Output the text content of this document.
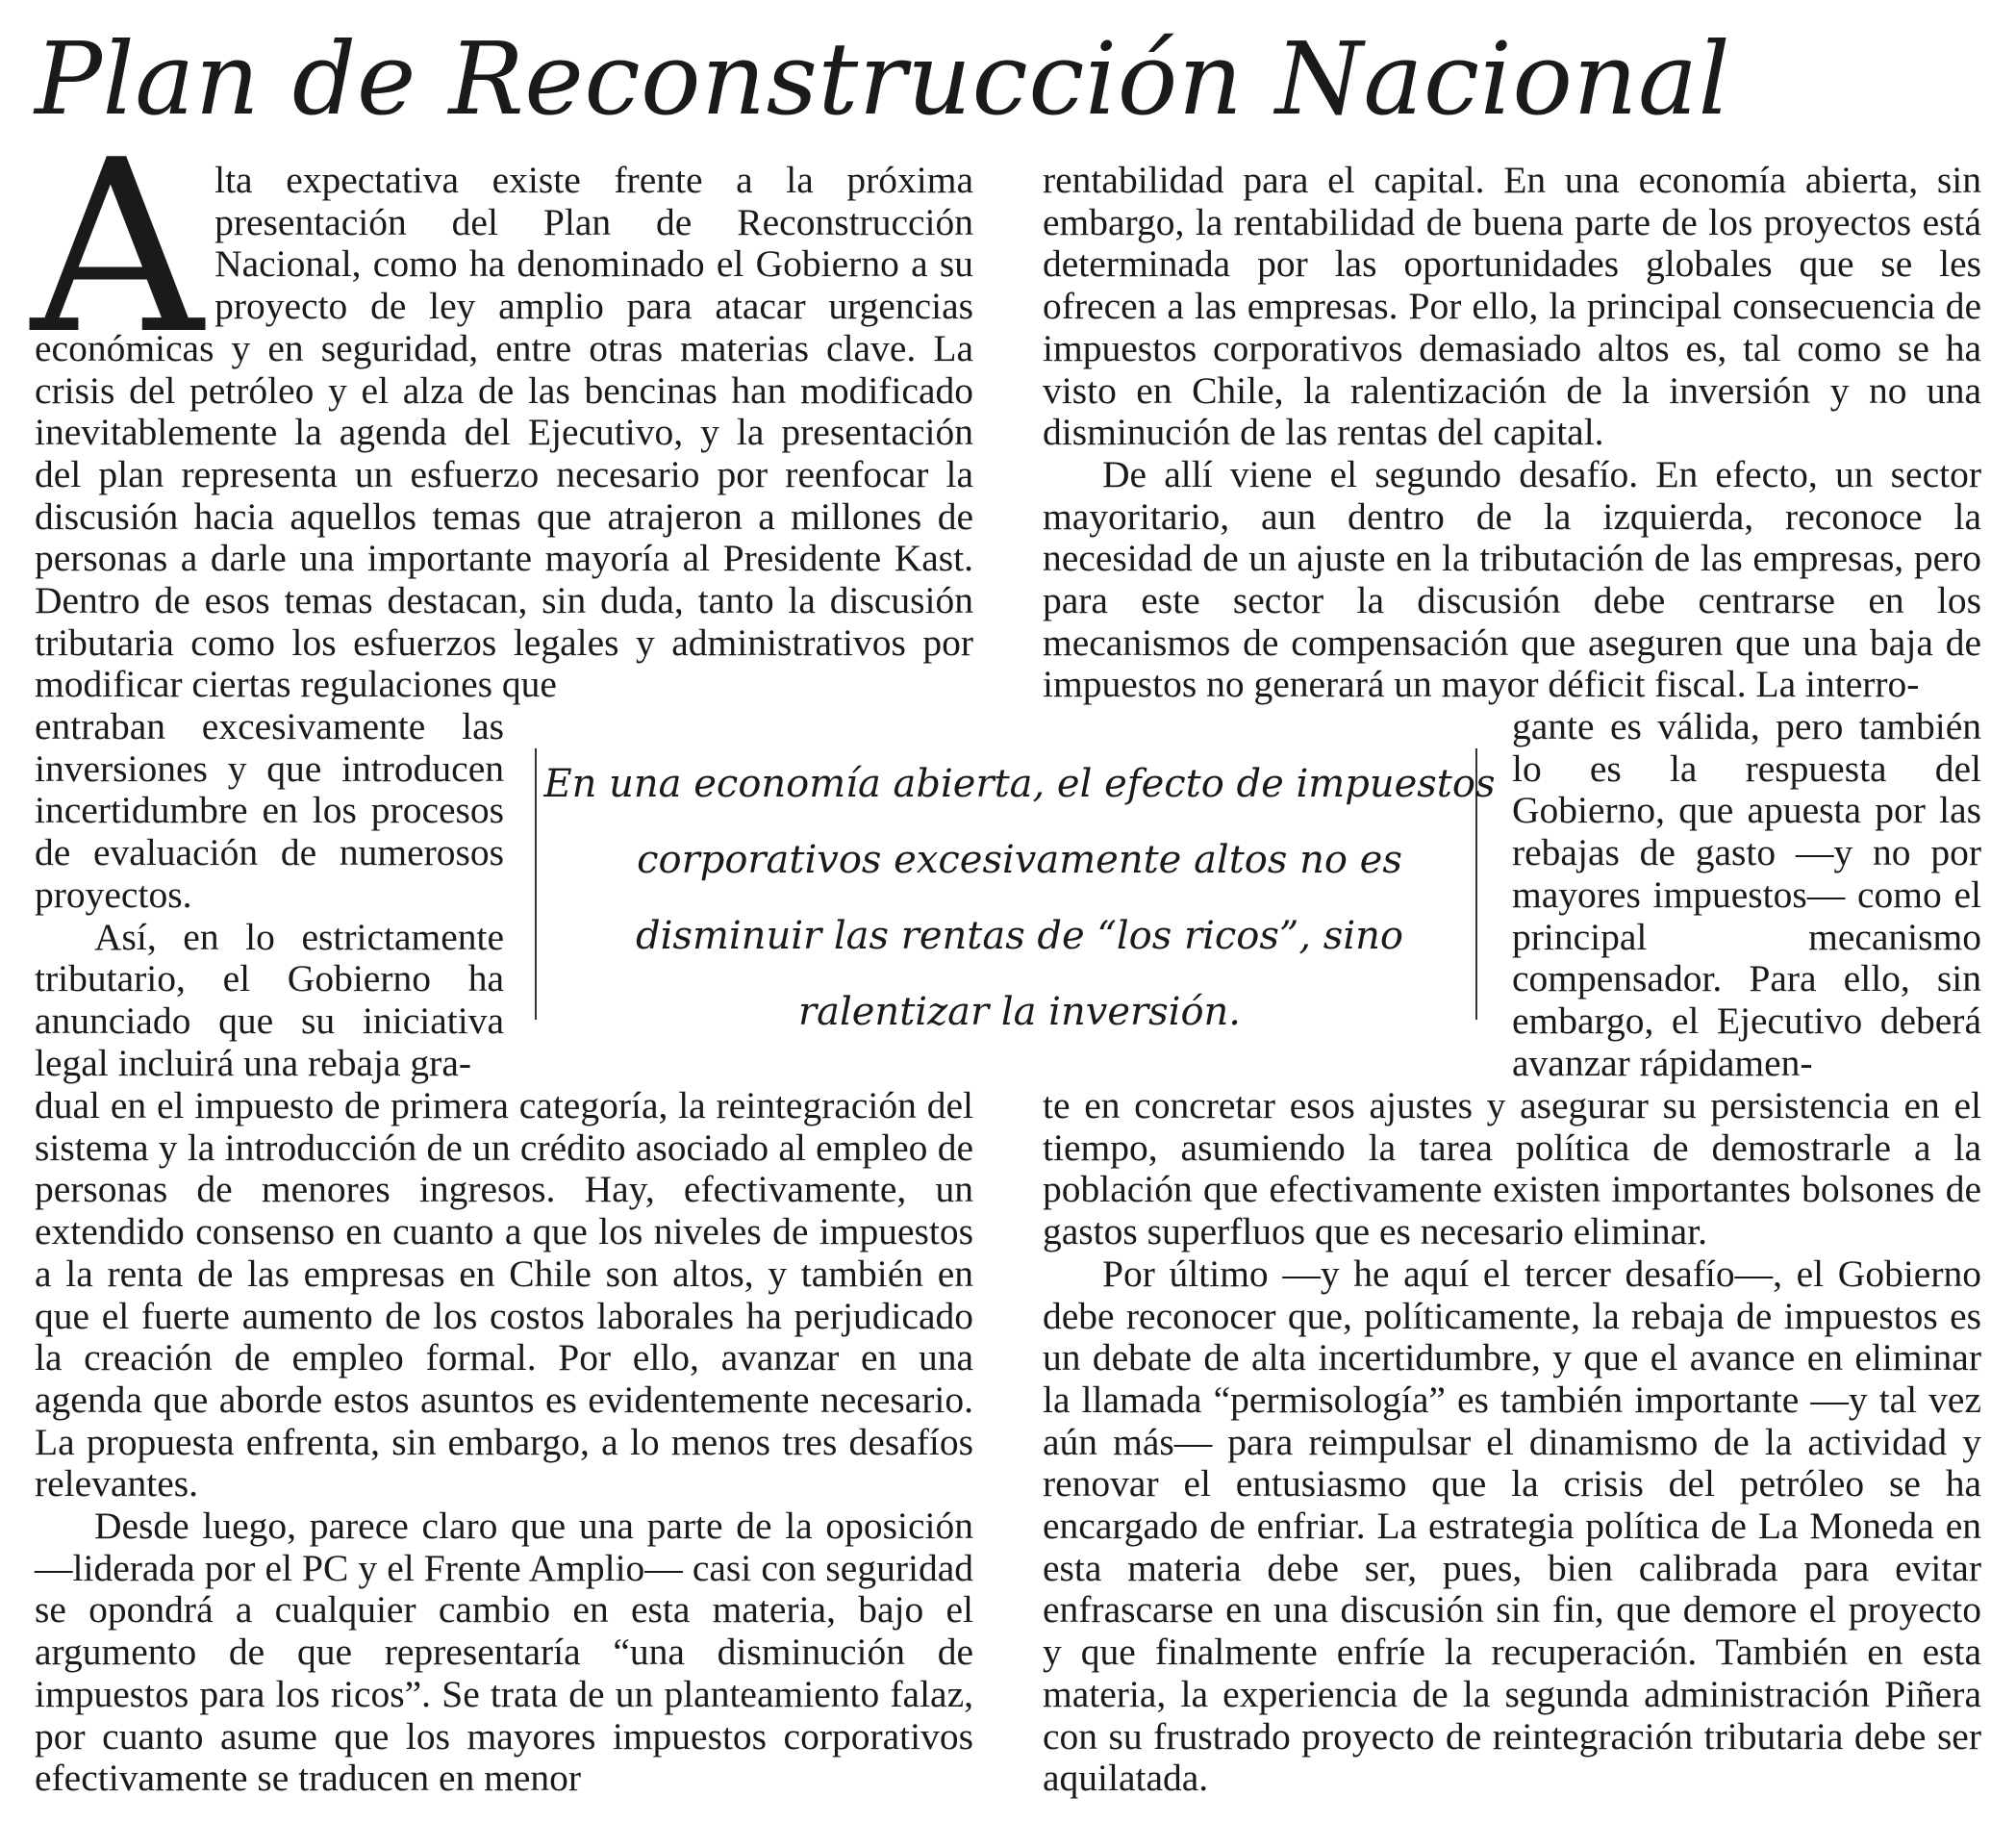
Plan de Reconstrucción Nacional

Alta expectativa existe frente a la próxima presentación del Plan de Reconstrucción Nacional, como ha denominado el Gobierno a su proyecto de ley amplio para atacar urgencias económicas y en seguridad, entre otras materias clave. La crisis del petróleo y el alza de las bencinas han modificado inevitablemente la agenda del Ejecutivo, y la presentación del plan representa un esfuerzo necesario por reenfocar la discusión hacia aquellos temas que atrajeron a millones de personas a darle una importante mayoría al Presidente Kast. Dentro de esos temas destacan, sin duda, tanto la discusión tributaria como los esfuerzos legales y administrativos por modificar ciertas regulaciones que

entraban excesivamente las inversiones y que introducen incertidumbre en los procesos de evaluación de numerosos proyectos.

Así, en lo estrictamente tributario, el Gobierno ha anunciado que su iniciativa legal incluirá una rebaja gra-

dual en el impuesto de primera categoría, la reintegración del sistema y la introducción de un crédito asociado al empleo de personas de menores ingresos. Hay, efectivamente, un extendido consenso en cuanto a que los niveles de impuestos a la renta de las empresas en Chile son altos, y también en que el fuerte aumento de los costos laborales ha perjudicado la creación de empleo formal. Por ello, avanzar en una agenda que aborde estos asuntos es evidentemente necesario. La propuesta enfrenta, sin embargo, a lo menos tres desafíos relevantes.

Desde luego, parece claro que una parte de la oposición —liderada por el PC y el Frente Amplio— casi con seguridad se opondrá a cualquier cambio en esta materia, bajo el argumento de que representaría “una disminución de impuestos para los ricos”. Se trata de un planteamiento falaz, por cuanto asume que los mayores impuestos corporativos efectivamente se traducen en menor

rentabilidad para el capital. En una economía abierta, sin embargo, la rentabilidad de buena parte de los proyectos está determinada por las oportunidades globales que se les ofrecen a las empresas. Por ello, la principal consecuencia de impuestos corporativos demasiado altos es, tal como se ha visto en Chile, la ralentización de la inversión y no una disminución de las rentas del capital.

De allí viene el segundo desafío. En efecto, un sector mayoritario, aun dentro de la izquierda, reconoce la necesidad de un ajuste en la tributación de las empresas, pero para este sector la discusión debe centrarse en los mecanismos de compensación que aseguren que una baja de impuestos no generará un mayor déficit fiscal. La interro-

gante es válida, pero también lo es la respuesta del Gobierno, que apuesta por las rebajas de gasto —y no por mayores impuestos— como el principal mecanismo compensador. Para ello, sin embargo, el Ejecutivo deberá avanzar rápidamen-

te en concretar esos ajustes y asegurar su persistencia en el tiempo, asumiendo la tarea política de demostrarle a la población que efectivamente existen importantes bolsones de gastos superfluos que es necesario eliminar.

Por último —y he aquí el tercer desafío—, el Gobierno debe reconocer que, políticamente, la rebaja de impuestos es un debate de alta incertidumbre, y que el avance en eliminar la llamada “permisología” es también importante —y tal vez aún más— para reimpulsar el dinamismo de la actividad y renovar el entusiasmo que la crisis del petróleo se ha encargado de enfriar. La estrategia política de La Moneda en esta materia debe ser, pues, bien calibrada para evitar enfrascarse en una discusión sin fin, que demore el proyecto y que finalmente enfríe la recuperación. También en esta materia, la experiencia de la segunda administración Piñera con su frustrado proyecto de reintegración tributaria debe ser aquilatada.

En una economía abierta, el efecto de impuestos corporativos excesivamente altos no es disminuir las rentas de “los ricos”, sino ralentizar la inversión.
